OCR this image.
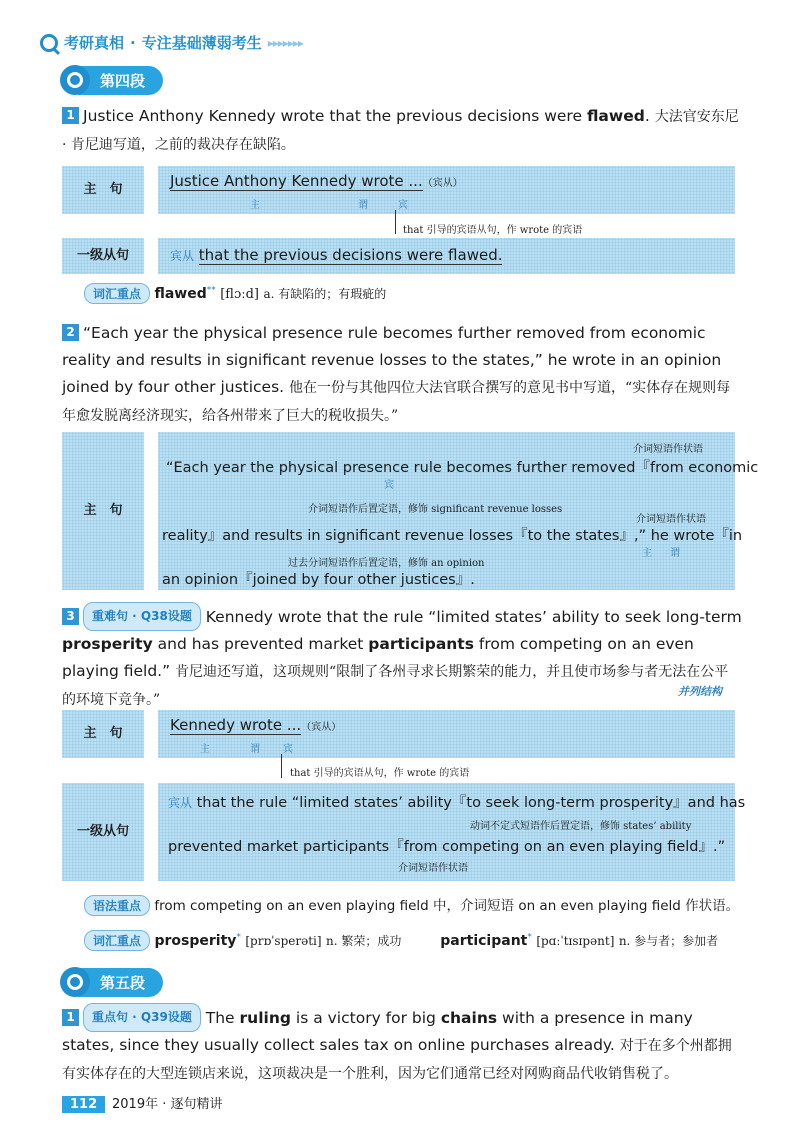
考研真相 · 专注基础薄弱考生 ▸▸▸▸▸▸▸
第四段
1 Justice Anthony Kennedy wrote that the previous decisions were flawed. 大法官安东尼 · 肯尼迪写道，之前的裁决存在缺陷。
主　句	Justice Anthony Kennedy wrote ...（宾从）
主	谓	宾
that 引导的宾语从句，作 wrote 的宾语
一级从句	宾从 that the previous decisions were flawed.
词汇重点 flawed** [flɔːd] a. 有缺陷的；有瑕疵的
2 “Each year the physical presence rule becomes further removed from economic reality and results in significant revenue losses to the states,” he wrote in an opinion joined by four other justices. 他在一份与其他四位大法官联合撰写的意见书中写道，“实体存在规则每年愈发脱离经济现实，给各州带来了巨大的税收损失。”
主　句
介词短语作状语
“Each year the physical presence rule becomes further removed『from economic
宾
介词短语作后置定语，修饰 significant revenue losses
介词短语作状语
reality』and results in significant revenue losses『to the states』,” he wrote『in
主 谓
过去分词短语作后置定语，修饰 an opinion
an opinion『joined by four other justices』.
3 重难句 · Q38设题 Kennedy wrote that the rule “limited states’ ability to seek long-term prosperity and has prevented market participants from competing on an even playing field.” 肯尼迪还写道，这项规则“限制了各州寻求长期繁荣的能力，并且使市场参与者无法在公平的环境下竞争。”
并列结构
主　句	Kennedy wrote ...（宾从）
主	谓 宾
that 引导的宾语从句，作 wrote 的宾语
一级从句
宾从 that the rule “limited states’ ability『to seek long-term prosperity』and has
动词不定式短语作后置定语，修饰 states’ ability
prevented market participants『from competing on an even playing field』.”
介词短语作状语
语法重点 from competing on an even playing field 中，介词短语 on an even playing field 作状语。
词汇重点 prosperity* [prɒˈsperəti] n. 繁荣；成功	participant* [pɑːˈtɪsɪpənt] n. 参与者；参加者
第五段
1 重点句 · Q39设题 The ruling is a victory for big chains with a presence in many states, since they usually collect sales tax on online purchases already. 对于在多个州都拥有实体存在的大型连锁店来说，这项裁决是一个胜利，因为它们通常已经对网购商品代收销售税了。
112	2019年 · 逐句精讲
